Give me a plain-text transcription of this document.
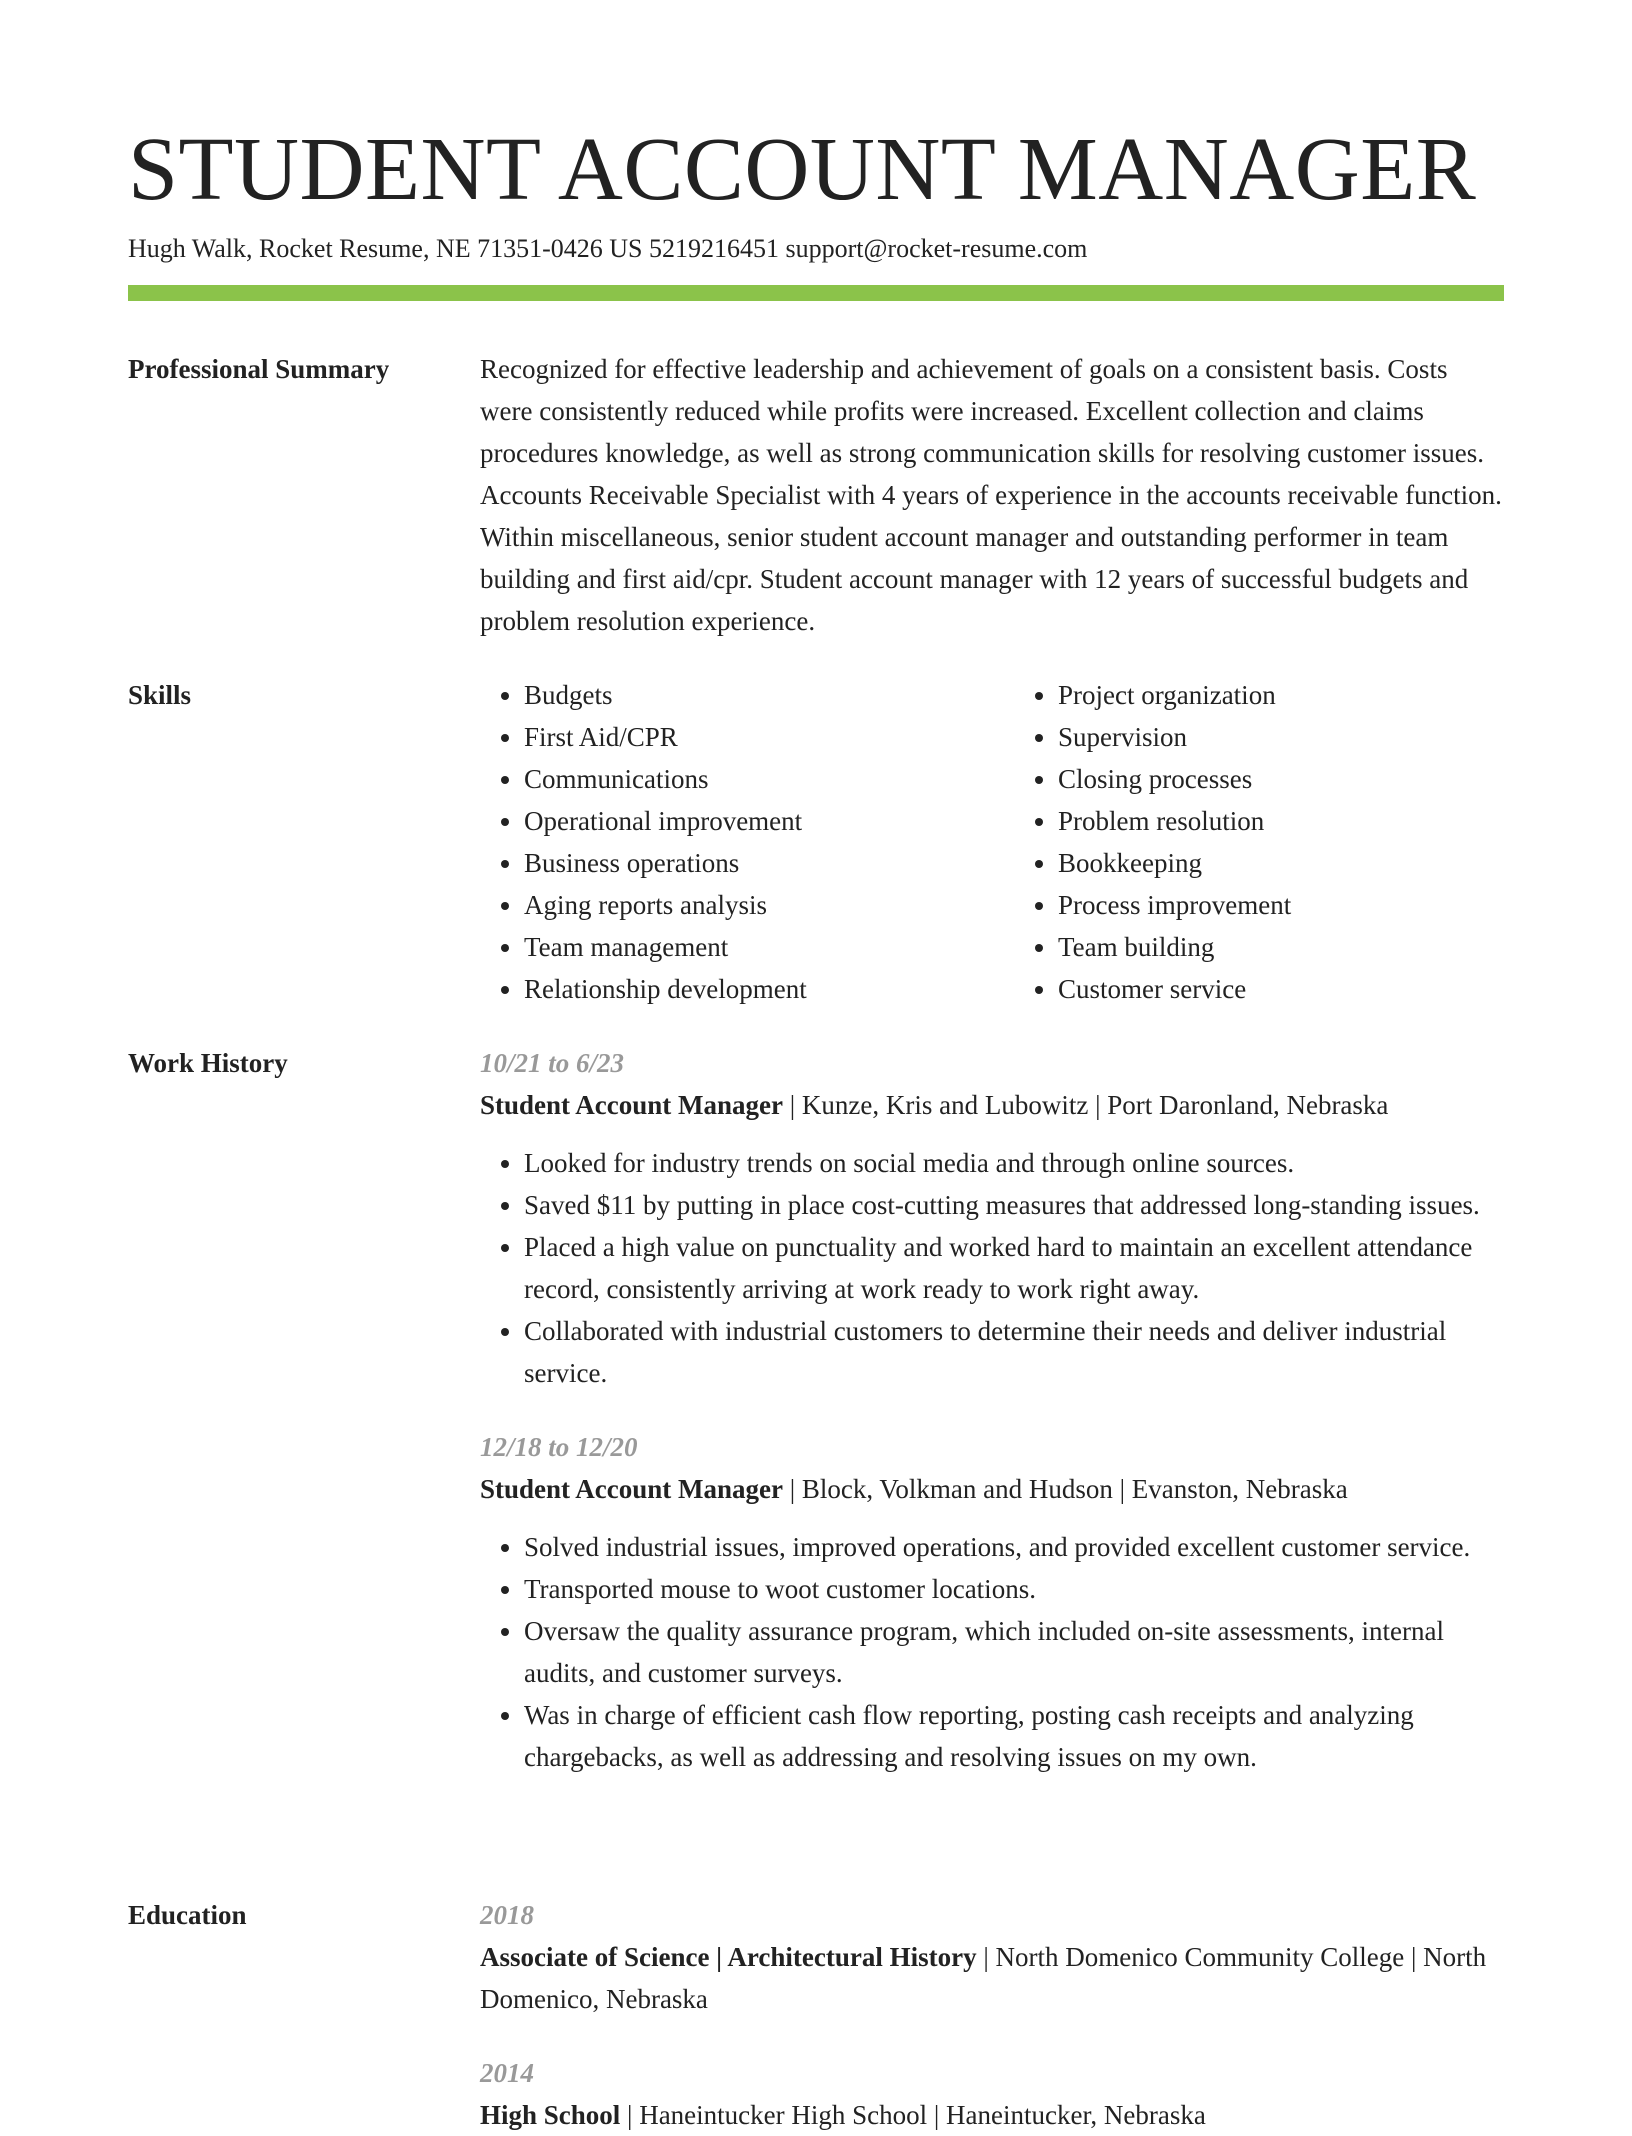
STUDENT ACCOUNT MANAGER
Hugh Walk, Rocket Resume, NE 71351-0426 US 5219216451 support@rocket-resume.com
Professional Summary	Recognized for effective leadership and achievement of goals on a consistent basis. Costs were consistently reduced while profits were increased. Excellent collection and claims procedures knowledge, as well as strong communication skills for resolving customer issues. Accounts Receivable Specialist with 4 years of experience in the accounts receivable function. Within miscellaneous, senior student account manager and outstanding performer in team building and first aid/cpr. Student account manager with 12 years of successful budgets and problem resolution experience.

Skills
•	Budgets
• First Aid/CPR
• Communications
• Operational improvement
• Business operations
• Aging reports analysis
• Team management
• Relationship development
• Project organization
• Supervision
• Closing processes
• Problem resolution
• Bookkeeping
• Process improvement
• Team building
• Customer service
Work History	10/21 to 6/23
Student Account Manager | Kunze, Kris and Lubowitz | Port Daronland, Nebraska
• Looked for industry trends on social media and through online sources.
• Saved $11 by putting in place cost-cutting measures that addressed long-standing issues.
• Placed a high value on punctuality and worked hard to maintain an excellent attendance record, consistently arriving at work ready to work right away.
• Collaborated with industrial customers to determine their needs and deliver industrial service.
12/18 to 12/20
Student Account Manager | Block, Volkman and Hudson | Evanston, Nebraska
• Solved industrial issues, improved operations, and provided excellent customer service.
• Transported mouse to woot customer locations.
• Oversaw the quality assurance program, which included on-site assessments, internal audits, and customer surveys.
• Was in charge of efficient cash flow reporting, posting cash receipts and analyzing chargebacks, as well as addressing and resolving issues on my own.
Education	2018
Associate of Science | Architectural History | North Domenico Community College | North Domenico, Nebraska
2014
High School | Haneintucker High School | Haneintucker, Nebraska
